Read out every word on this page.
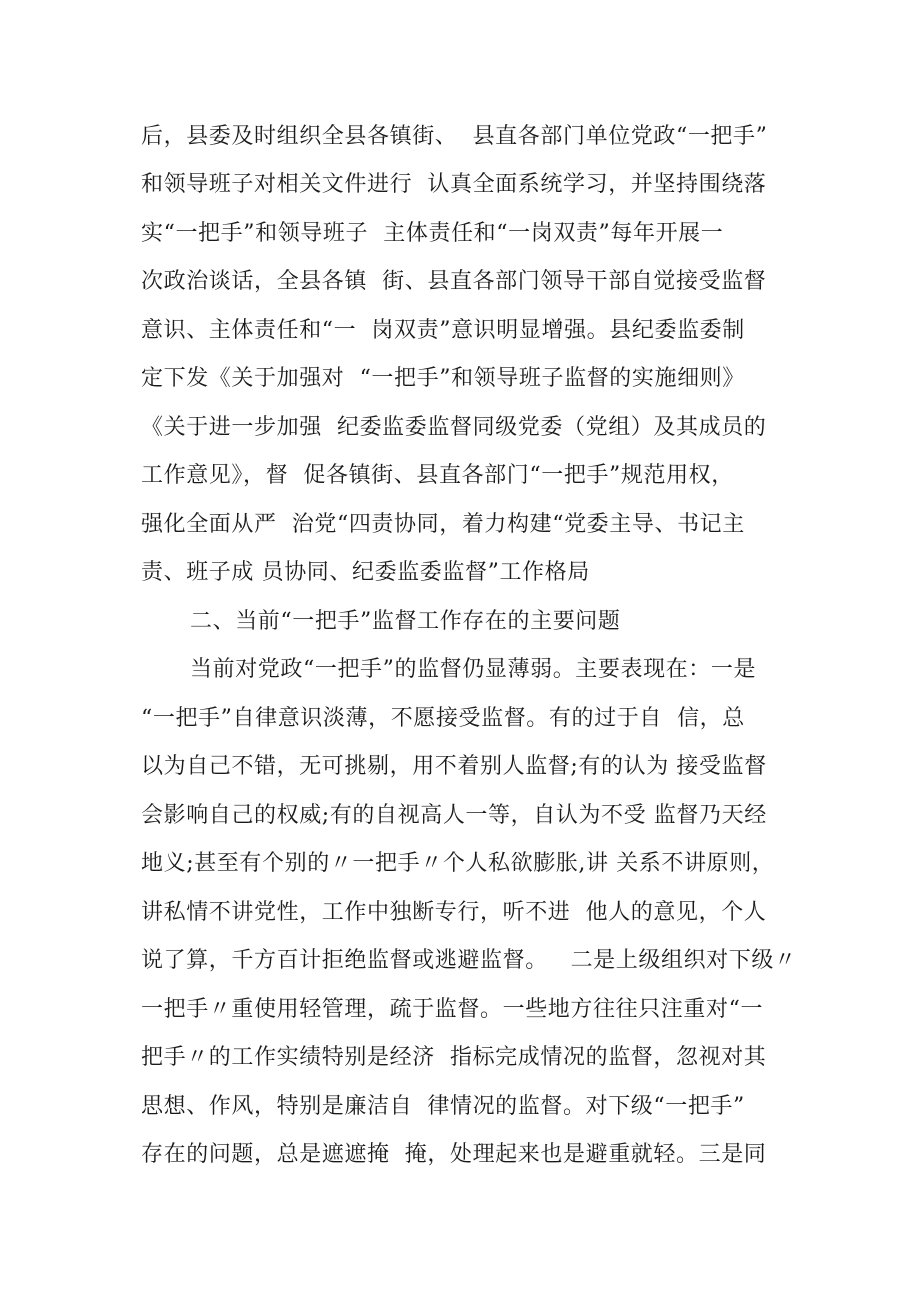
后，县委及时组织全县各镇街、  县直各部门单位党政“一把手”
和领导班子对相关文件进行  认真全面系统学习，并坚持围绕落
实“一把手”和领导班子  主体责任和“一岗双责”每年开展一
次政治谈话，全县各镇  街、县直各部门领导干部自觉接受监督
意识、主体责任和“一  岗双责”意识明显增强。县纪委监委制
定下发《关于加强对  “一把手”和领导班子监督的实施细则》
《关于进一步加强  纪委监委监督同级党委（党组）及其成员的
工作意见》，督  促各镇街、县直各部门“一把手”规范用权，
强化全面从严  治党“四责协同，着力构建“党委主导、书记主
责、班子成 员协同、纪委监委监督”工作格局
二、当前“一把手”监督工作存在的主要问题
当前对党政“一把手”的监督仍显薄弱。主要表现在：一是
“一把手”自律意识淡薄，不愿接受监督。有的过于自  信，总
以为自己不错，无可挑剔，用不着别人监督;有的认为 接受监督
会影响自己的权威;有的自视高人一等，自认为不受 监督乃天经
地义;甚至有个别的〃一把手〃个人私欲膨胀,讲 关系不讲原则，
讲私情不讲党性，工作中独断专行，听不进  他人的意见，个人
说了算，千方百计拒绝监督或逃避监督。   二是上级组织对下级〃
一把手〃重使用轻管理，疏于监督。一些地方往往只注重对“一
把手〃的工作实绩特别是经济  指标完成情况的监督，忽视对其
思想、作风，特别是廉洁自  律情况的监督。对下级“一把手”
存在的问题，总是遮遮掩  掩，处理起来也是避重就轻。三是同
